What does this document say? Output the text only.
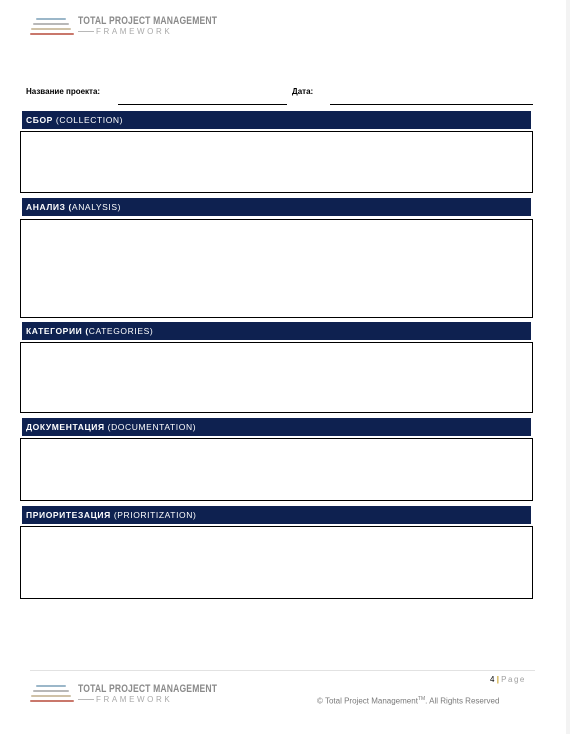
TOTAL PROJECT MANAGEMENT
FRAMEWORK
Название проекта:	Дата:
СБОР (COLLECTION)
АНАЛИЗ (ANALYSIS)
КАТЕГОРИИ (CATEGORIES)
ДОКУМЕНТАЦИЯ (DOCUMENTATION)
ПРИОРИТЕЗАЦИЯ (PRIORITIZATION)
4 | Page
TOTAL PROJECT MANAGEMENT
FRAMEWORK	© Total Project Management™. All Rights Reserved
